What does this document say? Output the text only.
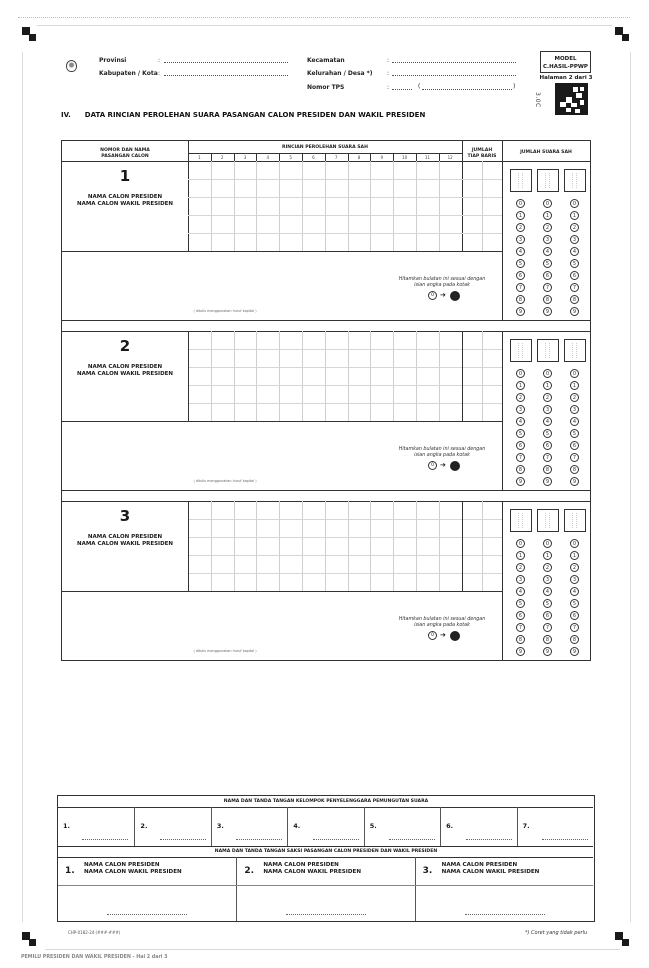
Provinsi	:
Kabupaten / Kota :
Kecamatan	:
Kelurahan / Desa *) :
Nomor TPS	:	(	)
MODEL
C.HASIL-PPWP
Halaman 2 dari 3
3.0C
IV. DATA RINCIAN PEROLEHAN SUARA PASANGAN CALON PRESIDEN DAN WAKIL PRESIDEN
NOMOR DAN NAMA
PASANGAN CALON
RINCIAN PEROLEHAN SUARA SAH
JUMLAH
TIAP BARIS
JUMLAH SUARA SAH
1	2	3	4	5	6	7	8	9	10	11	12
1
NAMA CALON PRESIDEN
NAMA CALON WAKIL PRESIDEN
( ditulis menggunakan huruf kapital )
Hitamkan bulatan ini sesuai dengan
isian angka pada kotak
0 ➔
0
1
2
3
4
5
6
7
8
9
0
1
2
3
4
5
6
7
8
9
0
1
2
3
4
5
6
7
8
9
2
NAMA CALON PRESIDEN
NAMA CALON WAKIL PRESIDEN
( ditulis menggunakan huruf kapital )
Hitamkan bulatan ini sesuai dengan
isian angka pada kotak
0 ➔
0
1
2
3
4
5
6
7
8
9
0
1
2
3
4
5
6
7
8
9
0
1
2
3
4
5
6
7
8
9
3
NAMA CALON PRESIDEN
NAMA CALON WAKIL PRESIDEN
( ditulis menggunakan huruf kapital )
Hitamkan bulatan ini sesuai dengan
isian angka pada kotak
0 ➔
0
1
2
3
4
5
6
7
8
9
0
1
2
3
4
5
6
7
8
9
0
1
2
3
4
5
6
7
8
9
NAMA DAN TANDA TANGAN KELOMPOK PENYELENGGARA PEMUNGUTAN SUARA
1.	2.	3.	4.	5.	6.	7.
NAMA DAN TANDA TANGAN SAKSI PASANGAN CALON PRESIDEN DAN WAKIL PRESIDEN
1.
NAMA CALON PRESIDEN
NAMA CALON WAKIL PRESIDEN	2.
NAMA CALON PRESIDEN
NAMA CALON WAKIL PRESIDEN	3.
NAMA CALON PRESIDEN
NAMA CALON WAKIL PRESIDEN
CHP-0182-24 (###-###)	*) Coret yang tidak perlu
PEMILU PRESIDEN DAN WAKIL PRESIDEN - Hal 2 dari 3
